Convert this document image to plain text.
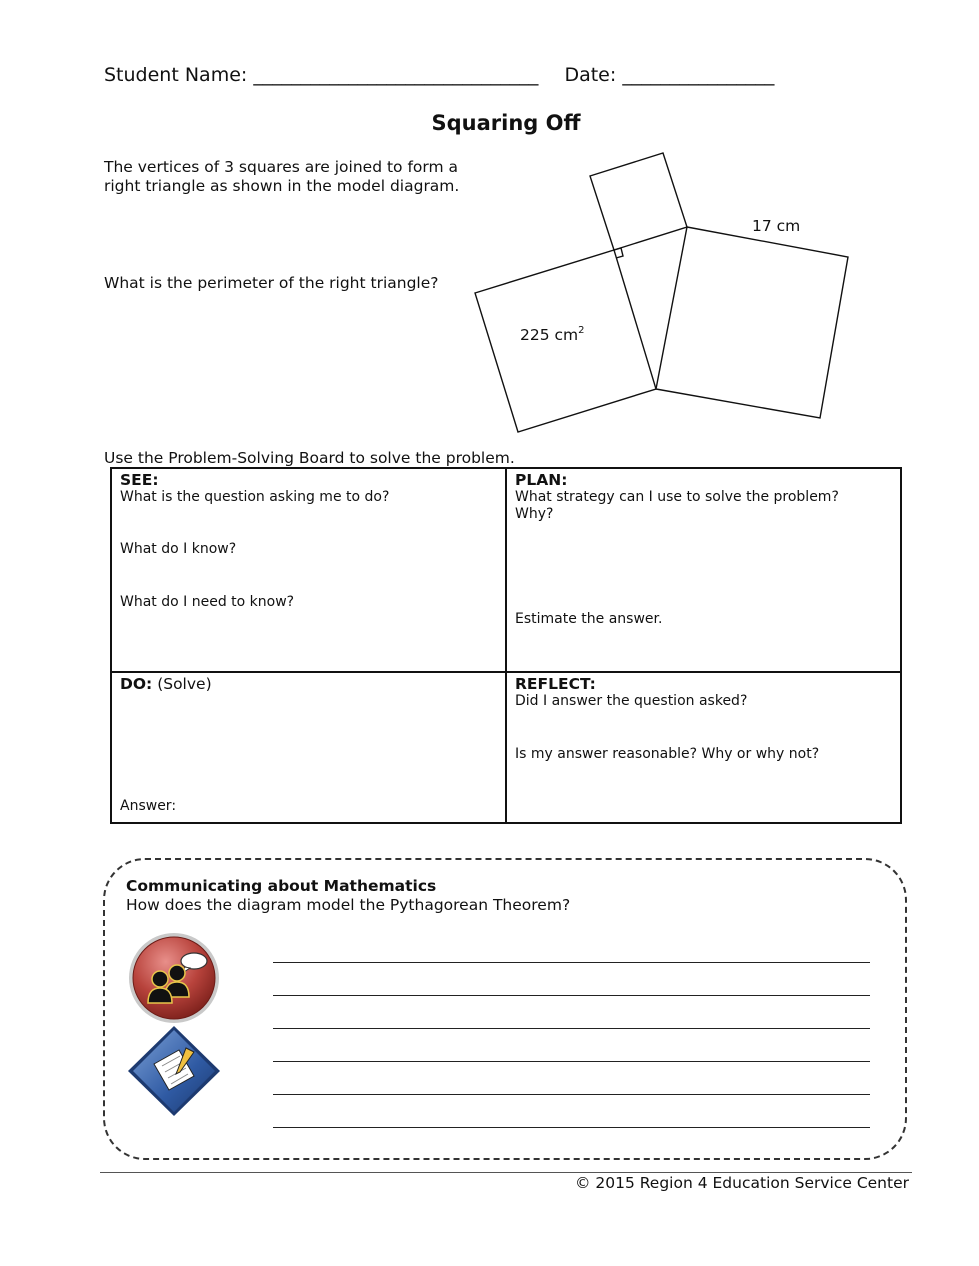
Student Name: ______________________________ Date: ________________
Squaring Off
The vertices of 3 squares are joined to form a
right triangle as shown in the model diagram.
What is the perimeter of the right triangle?
17 cm
225 $cm^2$
Use the Problem-Solving Board to solve the problem.
SEE:
What is the question asking me to do?
What do I know?
What do I need to know?
PLAN:
What strategy can I use to solve the problem?
Why?
Estimate the answer.
DO: (Solve)
Answer:
REFLECT:
Did I answer the question asked?
Is my answer reasonable? Why or why not?
Communicating about Mathematics
How does the diagram model the Pythagorean Theorem?
© 2015 Region 4 Education Service Center
